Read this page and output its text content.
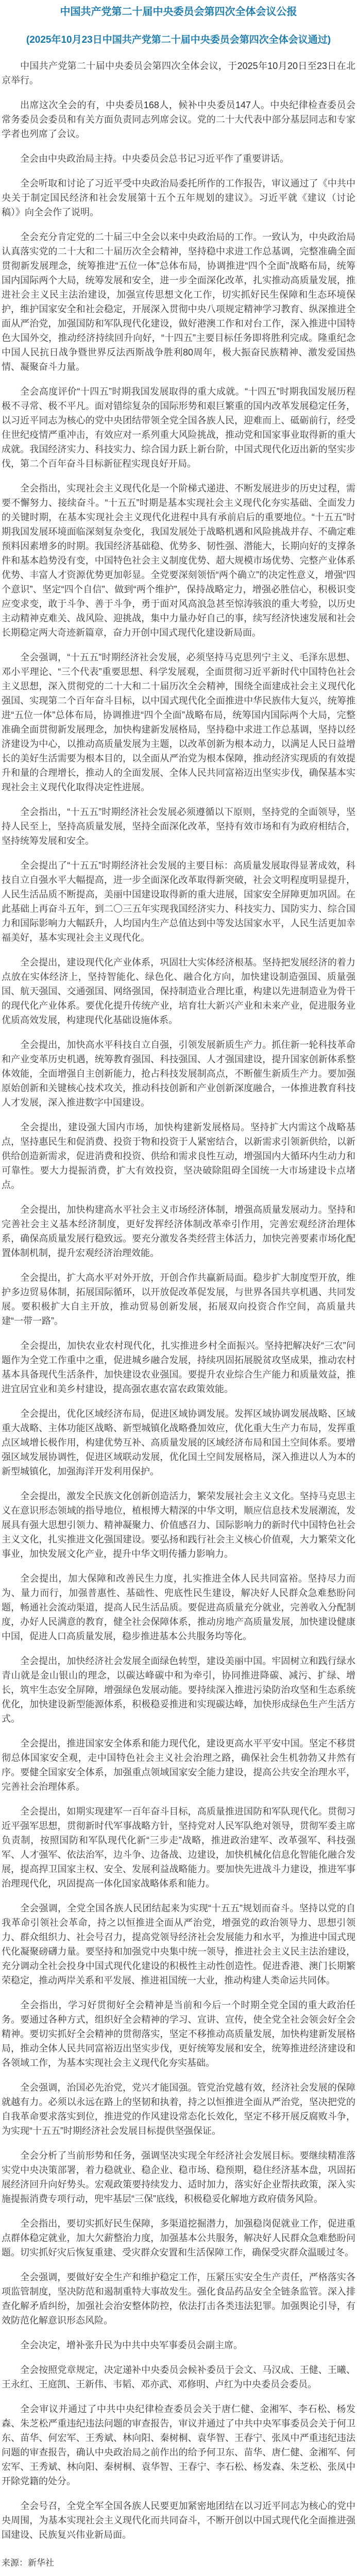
中国共产党第二十届中央委员会第四次全体会议公报
(2025年10月23日中国共产党第二十届中央委员会第四次全体会议通过)

中国共产党第二十届中央委员会第四次全体会议，于2025年10月20日至23日在北京举行。

出席这次全会的有，中央委员168人，候补中央委员147人。中央纪律检查委员会常务委员会委员和有关方面负责同志列席会议。党的二十大代表中部分基层同志和专家学者也列席了会议。

全会由中央政治局主持。中央委员会总书记习近平作了重要讲话。

全会听取和讨论了习近平受中央政治局委托所作的工作报告，审议通过了《中共中央关于制定国民经济和社会发展第十五个五年规划的建议》。习近平就《建议（讨论稿）》向全会作了说明。

全会充分肯定党的二十届三中全会以来中央政治局的工作。一致认为，中央政治局认真落实党的二十大和二十届历次全会精神，坚持稳中求进工作总基调，完整准确全面贯彻新发展理念，统筹推进“五位一体”总体布局，协调推进“四个全面”战略布局，统筹国内国际两个大局，统筹发展和安全，进一步全面深化改革，扎实推动高质量发展，推进社会主义民主法治建设，加强宣传思想文化工作，切实抓好民生保障和生态环境保护，维护国家安全和社会稳定，开展深入贯彻中央八项规定精神学习教育、纵深推进全面从严治党，加强国防和军队现代化建设，做好港澳工作和对台工作，深入推进中国特色大国外交，推动经济持续回升向好，“十四五”主要目标任务即将胜利完成。隆重纪念中国人民抗日战争暨世界反法西斯战争胜利80周年，极大振奋民族精神、激发爱国热情、凝聚奋斗力量。

全会高度评价“十四五”时期我国发展取得的重大成就。“十四五”时期我国发展历程极不寻常、极不平凡。面对错综复杂的国际形势和艰巨繁重的国内改革发展稳定任务，以习近平同志为核心的党中央团结带领全党全国各族人民，迎难而上、砥砺前行，经受住世纪疫情严重冲击，有效应对一系列重大风险挑战，推动党和国家事业取得新的重大成就。我国经济实力、科技实力、综合国力跃上新台阶，中国式现代化迈出新的坚实步伐，第二个百年奋斗目标新征程实现良好开局。

全会指出，实现社会主义现代化是一个阶梯式递进、不断发展进步的历史过程，需要不懈努力、接续奋斗。“十五五”时期是基本实现社会主义现代化夯实基础、全面发力的关键时期，在基本实现社会主义现代化进程中具有承前启后的重要地位。“十五五”时期我国发展环境面临深刻复杂变化，我国发展处于战略机遇和风险挑战并存、不确定难预料因素增多的时期。我国经济基础稳、优势多、韧性强、潜能大，长期向好的支撑条件和基本趋势没有变，中国特色社会主义制度优势、超大规模市场优势、完整产业体系优势、丰富人才资源优势更加彰显。全党要深刻领悟“两个确立”的决定性意义，增强“四个意识”、坚定“四个自信”、做到“两个维护”，保持战略定力，增强必胜信心，积极识变应变求变，敢于斗争、善于斗争，勇于面对风高浪急甚至惊涛骇浪的重大考验，以历史主动精神克难关、战风险、迎挑战，集中力量办好自己的事，续写经济快速发展和社会长期稳定两大奇迹新篇章，奋力开创中国式现代化建设新局面。

全会强调，“十五五”时期经济社会发展，必须坚持马克思列宁主义、毛泽东思想、邓小平理论、“三个代表”重要思想、科学发展观，全面贯彻习近平新时代中国特色社会主义思想，深入贯彻党的二十大和二十届历次全会精神，围绕全面建成社会主义现代化强国、实现第二个百年奋斗目标，以中国式现代化全面推进中华民族伟大复兴，统筹推进“五位一体”总体布局，协调推进“四个全面”战略布局，统筹国内国际两个大局，完整准确全面贯彻新发展理念，加快构建新发展格局，坚持稳中求进工作总基调，坚持以经济建设为中心，以推动高质量发展为主题，以改革创新为根本动力，以满足人民日益增长的美好生活需要为根本目的，以全面从严治党为根本保障，推动经济实现质的有效提升和量的合理增长，推动人的全面发展、全体人民共同富裕迈出坚实步伐，确保基本实现社会主义现代化取得决定性进展。

全会指出，“十五五”时期经济社会发展必须遵循以下原则，坚持党的全面领导，坚持人民至上，坚持高质量发展，坚持全面深化改革，坚持有效市场和有为政府相结合，坚持统筹发展和安全。

全会提出了“十五五”时期经济社会发展的主要目标：高质量发展取得显著成效，科技自立自强水平大幅提高，进一步全面深化改革取得新突破，社会文明程度明显提升，人民生活品质不断提高，美丽中国建设取得新的重大进展，国家安全屏障更加巩固。在此基础上再奋斗五年，到二〇三五年实现我国经济实力、科技实力、国防实力、综合国力和国际影响力大幅跃升，人均国内生产总值达到中等发达国家水平，人民生活更加幸福美好，基本实现社会主义现代化。

全会提出，建设现代化产业体系，巩固壮大实体经济根基。坚持把发展经济的着力点放在实体经济上，坚持智能化、绿色化、融合化方向，加快建设制造强国、质量强国、航天强国、交通强国、网络强国，保持制造业合理比重，构建以先进制造业为骨干的现代化产业体系。要优化提升传统产业，培育壮大新兴产业和未来产业，促进服务业优质高效发展，构建现代化基础设施体系。

全会提出，加快高水平科技自立自强，引领发展新质生产力。抓住新一轮科技革命和产业变革历史机遇，统筹教育强国、科技强国、人才强国建设，提升国家创新体系整体效能，全面增强自主创新能力，抢占科技发展制高点，不断催生新质生产力。要加强原始创新和关键核心技术攻关，推动科技创新和产业创新深度融合，一体推进教育科技人才发展，深入推进数字中国建设。

全会提出，建设强大国内市场，加快构建新发展格局。坚持扩大内需这个战略基点，坚持惠民生和促消费、投资于物和投资于人紧密结合，以新需求引领新供给，以新供给创造新需求，促进消费和投资、供给和需求良性互动，增强国内大循环内生动力和可靠性。要大力提振消费，扩大有效投资，坚决破除阻碍全国统一大市场建设卡点堵点。

全会提出，加快构建高水平社会主义市场经济体制，增强高质量发展动力。坚持和完善社会主义基本经济制度，更好发挥经济体制改革牵引作用，完善宏观经济治理体系，确保高质量发展行稳致远。要充分激发各类经营主体活力，加快完善要素市场化配置体制机制，提升宏观经济治理效能。

全会提出，扩大高水平对外开放，开创合作共赢新局面。稳步扩大制度型开放，维护多边贸易体制，拓展国际循环，以开放促改革促发展，与世界各国共享机遇、共同发展。要积极扩大自主开放，推动贸易创新发展，拓展双向投资合作空间，高质量共建“一带一路”。

全会提出，加快农业农村现代化，扎实推进乡村全面振兴。坚持把解决好“三农”问题作为全党工作重中之重，促进城乡融合发展，持续巩固拓展脱贫攻坚成果，推动农村基本具备现代生活条件，加快建设农业强国。要提升农业综合生产能力和质量效益，推进宜居宜业和美乡村建设，提高强农惠农富农政策效能。

全会提出，优化区域经济布局，促进区域协调发展。发挥区域协调发展战略、区域重大战略、主体功能区战略、新型城镇化战略叠加效应，优化重大生产力布局，发挥重点区域增长极作用，构建优势互补、高质量发展的区域经济布局和国土空间体系。要增强区域发展协调性，促进区域联动发展，优化国土空间发展格局，深入推进以人为本的新型城镇化，加强海洋开发利用保护。

全会提出，激发全民族文化创新创造活力，繁荣发展社会主义文化。坚持马克思主义在意识形态领域的指导地位，植根博大精深的中华文明，顺应信息技术发展潮流，发展具有强大思想引领力、精神凝聚力、价值感召力、国际影响力的新时代中国特色社会主义文化，扎实推进文化强国建设。要弘扬和践行社会主义核心价值观，大力繁荣文化事业，加快发展文化产业，提升中华文明传播力影响力。

全会提出，加大保障和改善民生力度，扎实推进全体人民共同富裕。坚持尽力而为、量力而行，加强普惠性、基础性、兜底性民生建设，解决好人民群众急难愁盼问题，畅通社会流动渠道，提高人民生活品质。要促进高质量充分就业，完善收入分配制度，办好人民满意的教育，健全社会保障体系，推动房地产高质量发展，加快建设健康中国，促进人口高质量发展，稳步推进基本公共服务均等化。

全会提出，加快经济社会发展全面绿色转型，建设美丽中国。牢固树立和践行绿水青山就是金山银山的理念，以碳达峰碳中和为牵引，协同推进降碳、减污、扩绿、增长，筑牢生态安全屏障，增强绿色发展动能。要持续深入推进污染防治攻坚和生态系统优化，加快建设新型能源体系，积极稳妥推进和实现碳达峰，加快形成绿色生产生活方式。

全会提出，推进国家安全体系和能力现代化，建设更高水平平安中国。坚定不移贯彻总体国家安全观，走中国特色社会主义社会治理之路，确保社会生机勃勃又井然有序。要健全国家安全体系，加强重点领域国家安全能力建设，提高公共安全治理水平，完善社会治理体系。

全会提出，如期实现建军一百年奋斗目标，高质量推进国防和军队现代化。贯彻习近平强军思想，贯彻新时代军事战略方针，坚持党对人民军队绝对领导，贯彻军委主席负责制，按照国防和军队现代化新“三步走”战略，推进政治建军、改革强军、科技强军、人才强军、依法治军，边斗争、边备战、边建设，加快机械化信息化智能化融合发展，提高捍卫国家主权、安全、发展利益战略能力。要加快先进战斗力建设，推进军事治理现代化，巩固提高一体化国家战略体系和能力。

全会强调，全党全国各族人民团结起来为实现“十五五”规划而奋斗。坚持以党的自我革命引领社会革命，持之以恒推进全面从严治党，增强党的政治领导力、思想引领力、群众组织力、社会号召力，提高党领导经济社会发展能力和水平，为推进中国式现代化凝聚磅礴力量。要坚持和加强党中央集中统一领导，推进社会主义民主法治建设，充分调动全社会投身中国式现代化建设的积极性主动性创造性。促进香港、澳门长期繁荣稳定，推动两岸关系和平发展、推进祖国统一大业，推动构建人类命运共同体。

全会指出，学习好贯彻好全会精神是当前和今后一个时期全党全国的重大政治任务。要通过各种方式，组织好全会精神的学习、宣讲、宣传，使全党全社会领会好全会精神。要切实抓好全会精神的贯彻落实，坚定不移推动高质量发展，加快构建新发展格局，推动全体人民共同富裕迈出坚实步伐，更好统筹发展和安全，统筹推进经济建设和各领域工作，为基本实现社会主义现代化夯实基础。

全会强调，治国必先治党，党兴才能国强。管党治党越有效，经济社会发展的保障就越有力。必须以永远在路上的坚韧和执着，持之以恒推进全面从严治党，坚决把党的自我革命要求落实到位，推进党的作风建设常态化长效化，坚定不移开展反腐败斗争，为实现“十五五”时期经济社会发展目标提供坚强保证。

全会分析了当前形势和任务，强调坚决实现全年经济社会发展目标。要继续精准落实党中央决策部署，着力稳就业、稳企业、稳市场、稳预期，稳住经济基本盘，巩固拓展经济回升向好势头。宏观政策要持续发力、适时加力，落实好企业帮扶政策，深入实施提振消费专项行动，兜牢基层“三保”底线，积极稳妥化解地方政府债务风险。

全会指出，要切实抓好民生保障，多渠道挖掘潜力，加强稳岗促就业工作，促进重点群体稳定就业，加大欠薪整治力度，加强基本公共服务，解决好人民群众急难愁盼问题。切实抓好灾后恢复重建、受灾群众安置和生活保障工作，确保受灾群众温暖过冬。

全会强调，要做好安全生产和维护稳定工作，压紧压实安全生产责任，严格落实各项监管制度，坚决防范和遏制重特大事故发生。强化食品药品安全全链条监管。深入排查化解矛盾纠纷，加强社会治安整体防控，依法打击各类违法犯罪。加强舆论引导，有效防范化解意识形态风险。

全会决定，增补张升民为中共中央军事委员会副主席。

全会按照党章规定，决定递补中央委员会候补委员于会文、马汉成、王健、王曦、王永红、王庭凯、王新伟、韦韬、邓亦武、邓修明、卢红为中央委员会委员。

全会审议并通过了中共中央纪律检查委员会关于唐仁健、金湘军、李石松、杨发森、朱芝松严重违纪违法问题的审查报告，审议并通过了中共中央军事委员会关于何卫东、苗华、何宏军、王秀斌、林向阳、秦树桐、袁华智、王春宁、张凤中严重违纪违法问题的审查报告，确认中央政治局之前作出的给予何卫东、苗华、唐仁健、金湘军、何宏军、王秀斌、林向阳、秦树桐、袁华智、王春宁、李石松、杨发森、朱芝松、张凤中开除党籍的处分。

全会号召，全党全军全国各族人民要更加紧密地团结在以习近平同志为核心的党中央周围，为基本实现社会主义现代化而共同奋斗，不断开创以中国式现代化全面推进强国建设、民族复兴伟业新局面。

来源：新华社
